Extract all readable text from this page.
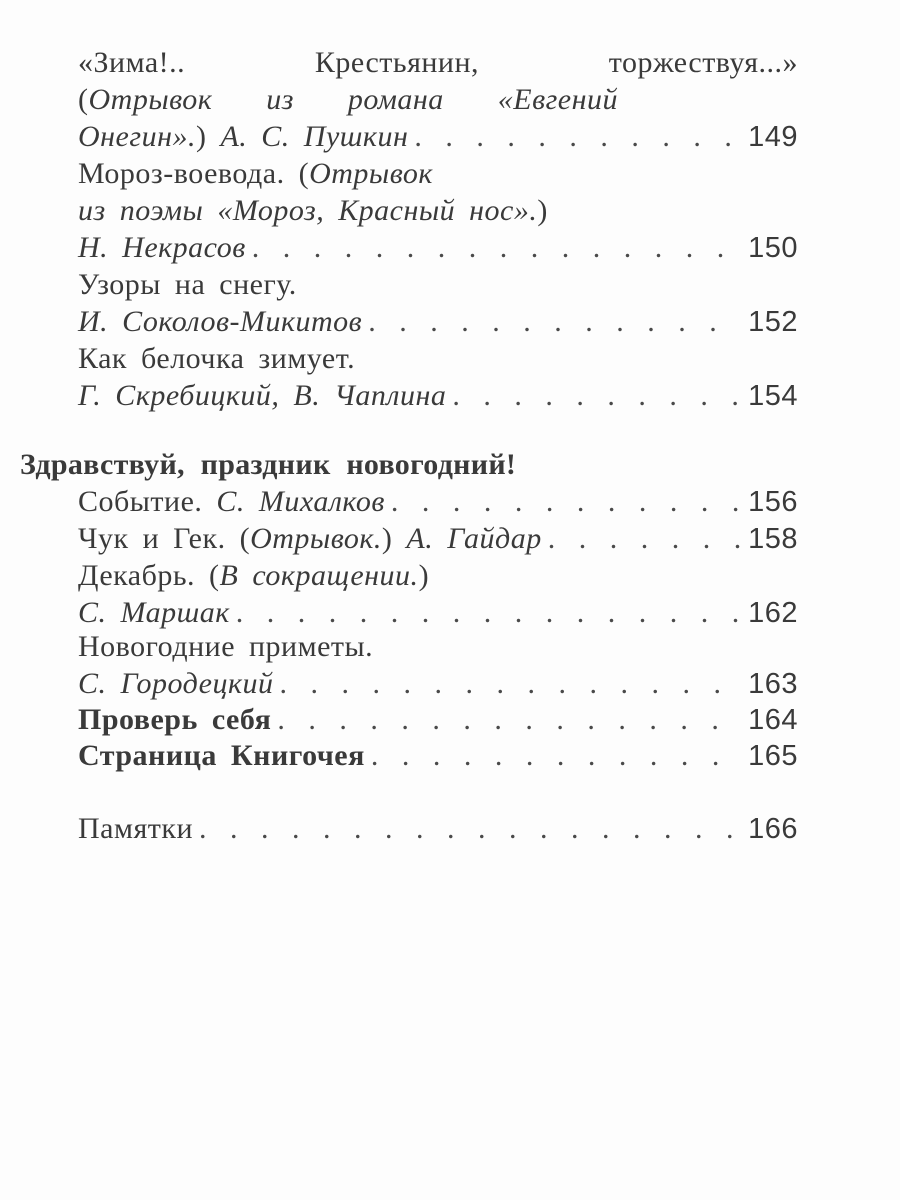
«Зима!.. Крестьянин, торжествуя...»
(Отрывок из романа «Евгений
Онегин».) А. С. Пушкин . . .	149
Мороз-воевода. (Отрывок
из поэмы «Мороз, Красный нос».)
Н. Некрасов . . .	150
Узоры на снегу.
И. Соколов-Микитов . . .	152
Как белочка зимует.
Г. Скребицкий, В. Чаплина . . .	154
Здравствуй, праздник новогодний!
Событие. С. Михалков . . .	156
Чук и Гек. (Отрывок.) А. Гайдар . . .	158
Декабрь. (В сокращении.)
С. Маршак . . .	162
Новогодние приметы.
С. Городецкий . . .	163
Проверь себя . . .	164
Страница Книгочея . . .	165
Памятки . . .	166
